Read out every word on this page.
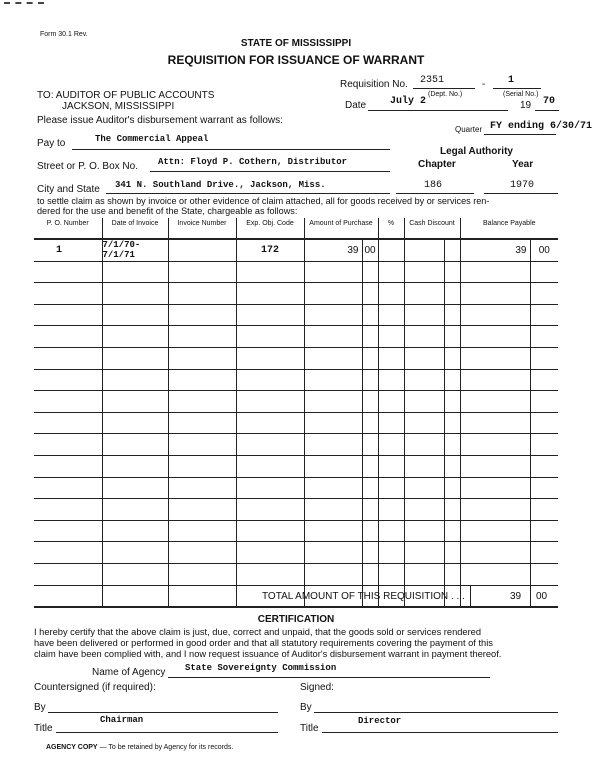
Form 30.1 Rev.
STATE OF MISSISSIPPI
REQUISITION FOR ISSUANCE OF WARRANT
Requisition No. 2351	- 1
(Dept. No.)	(Serial No.)
TO: AUDITOR OF PUBLIC ACCOUNTS
JACKSON, MISSISSIPPI	Date July 2	19 70
Please issue Auditor's disbursement warrant as follows:
Quarter FY ending 6/30/71
Pay to	The Commercial Appeal
Legal Authority
Street or P. O. Box No. Attn: Floyd P. Cothern, Distributor	Chapter	Year
City and State 341 N. Southland Drive., Jackson, Miss.	186	1970
to settle claim as shown by invoice or other evidence of claim attached, all for goods received by or services ren-
dered for the use and benefit of the State, chargeable as follows:
P. O. Number	Date of Invoice	Invoice Number	Exp. Obj. Code	Amount of Purchase		%	Cash Discount		Balance Payable	
1	7/1/70-7/1/71		172	39	00				39	00

TOTAL AMOUNT OF THIS REQUISITION . . .	39 00
CERTIFICATION
I hereby certify that the above claim is just, due, correct and unpaid, that the goods sold or services rendered
have been delivered or performed in good order and that all statutory requirements covering the payment of this
claim have been complied with, and I now request issuance of Auditor's disbursement warrant in payment thereof.
Name of Agency State Sovereignty Commission
Countersigned (if required):	Signed:
By	By
Title
Chairman
Title
Director
AGENCY COPY — To be retained by Agency for its records.
